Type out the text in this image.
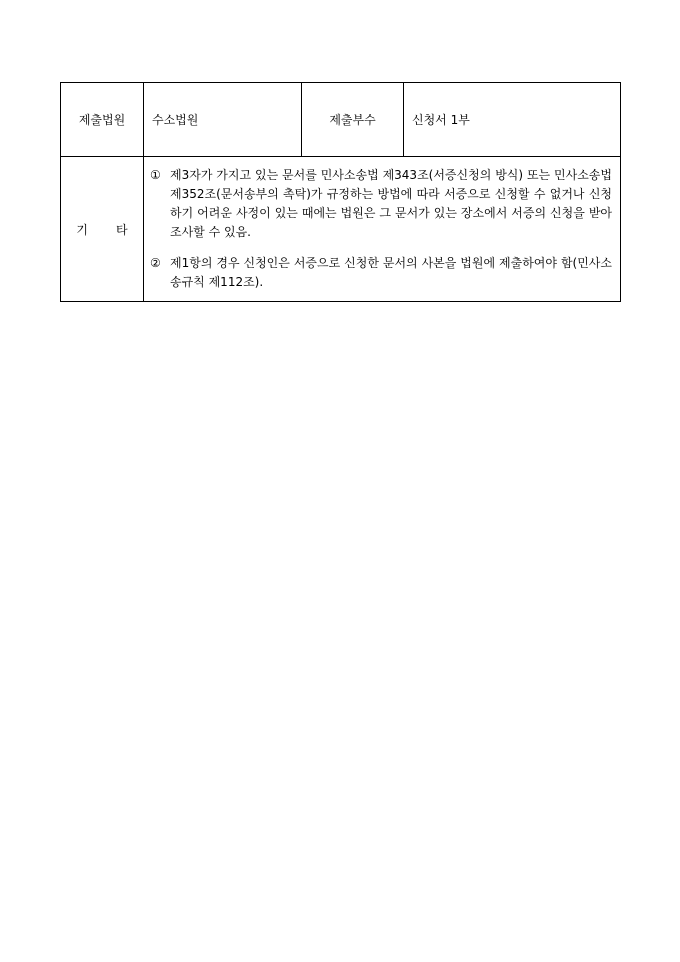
제출법원	수소법원	제출부수	신청서 1부
기 타	① 제3자가 가지고 있는 문서를 민사소송법 제343조(서증신청의 방식) 또는 민사소송법 제352조(문서송부의 촉탁)가 규정하는 방법에 따라 서증으로 신청할 수 없거나 신청하기 어려운 사정이 있는 때에는 법원은 그 문서가 있는 장소에서 서증의 신청을 받아 조사할 수 있음.
② 제1항의 경우 신청인은 서증으로 신청한 문서의 사본을 법원에 제출하여야 함(민사소송규칙 제112조).		
